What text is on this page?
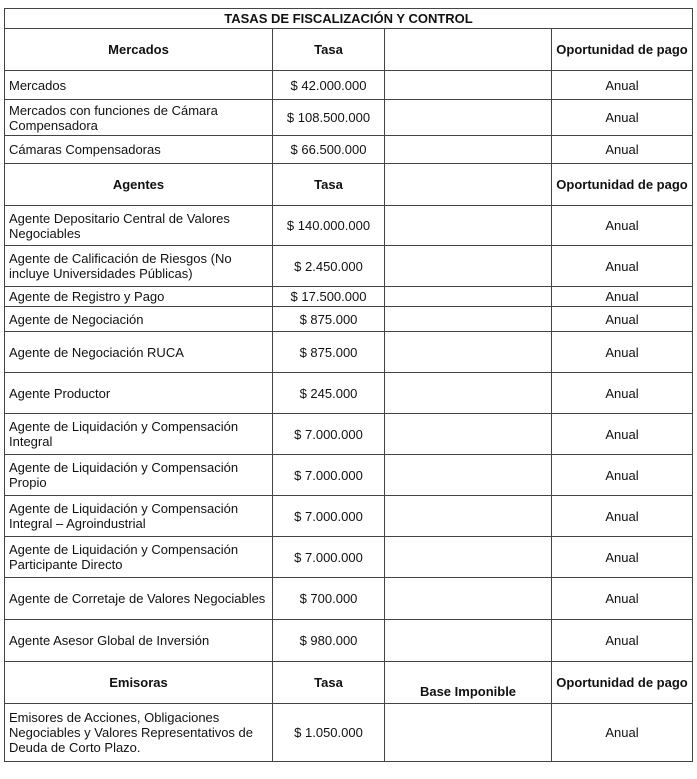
TASAS DE FISCALIZACIÓN Y CONTROL			
Mercados	Tasa		Oportunidad de pago
Mercados	$ 42.000.000		Anual
Mercados con funciones de Cámara Compensadora	$ 108.500.000		Anual
Cámaras Compensadoras	$ 66.500.000		Anual
Agentes	Tasa		Oportunidad de pago
Agente Depositario Central de Valores Negociables	$ 140.000.000		Anual
Agente de Calificación de Riesgos (No incluye Universidades Públicas)	$ 2.450.000		Anual
Agente de Registro y Pago	$ 17.500.000		Anual
Agente de Negociación	$ 875.000		Anual
Agente de Negociación RUCA	$ 875.000		Anual
Agente Productor	$ 245.000		Anual
Agente de Liquidación y Compensación Integral	$ 7.000.000		Anual
Agente de Liquidación y Compensación Propio	$ 7.000.000		Anual
Agente de Liquidación y Compensación Integral – Agroindustrial	$ 7.000.000		Anual
Agente de Liquidación y Compensación Participante Directo	$ 7.000.000		Anual
Agente de Corretaje de Valores Negociables	$ 700.000		Anual
Agente Asesor Global de Inversión	$ 980.000		Anual
Emisoras	Tasa	Base Imponible	Oportunidad de pago
Emisores de Acciones, Obligaciones Negociables y Valores Representativos de Deuda de Corto Plazo.	$ 1.050.000		Anual
